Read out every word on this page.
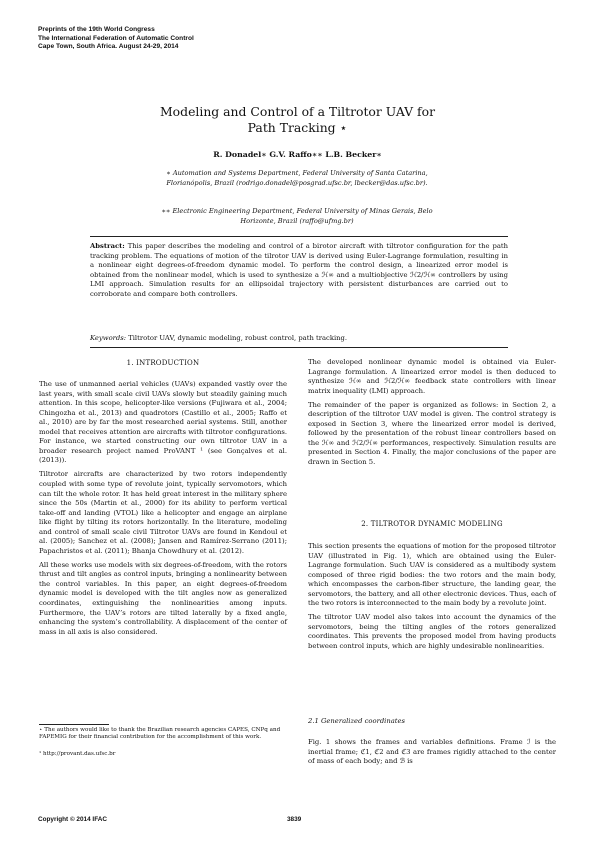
Preprints of the 19th World Congress
The International Federation of Automatic Control
Cape Town, South Africa. August 24-29, 2014
Modeling and Control of a Tiltrotor UAV for
Path Tracking ⋆
R. Donadel∗ G.V. Raffo∗∗ L.B. Becker∗
∗ Automation and Systems Department, Federal University of Santa Catarina, Florianópolis, Brazil (rodrigo.donadel@posgrad.ufsc.br, lbecker@das.ufsc.br).
∗∗ Electronic Engineering Department, Federal University of Minas Gerais, Belo Horizonte, Brazil (raffo@ufmg.br)
Abstract: This paper describes the modeling and control of a birotor aircraft with tiltrotor configuration for the path tracking problem. The equations of motion of the tilrotor UAV is derived using Euler-Lagrange formulation, resulting in a nonlinear eight degrees-of-freedom dynamic model. To perform the control design, a linearized error model is obtained from the nonlinear model, which is used to synthesize a ℋ∞ and a multiobjective ℋ2/ℋ∞ controllers by using LMI approach. Simulation results for an ellipsoidal trajectory with persistent disturbances are carried out to corroborate and compare both controllers.
Keywords: Tiltrotor UAV, dynamic modeling, robust control, path tracking.
1. INTRODUCTION

The use of unmanned aerial vehicles (UAVs) expanded vastly over the last years, with small scale civil UAVs slowly but steadily gaining much attention. In this scope, helicopter-like versions (Fujiwara et al., 2004; Chingozha et al., 2013) and quadrotors (Castillo et al., 2005; Raffo et al., 2010) are by far the most researched aerial systems. Still, another model that receives attention are aircrafts with tiltrotor configurations. For instance, we started constructing our own tiltrotor UAV in a broader research project named ProVANT ¹ (see Gonçalves et al. (2013)).

Tiltrotor aircrafts are characterized by two rotors independently coupled with some type of revolute joint, typically servomotors, which can tilt the whole rotor. It has held great interest in the military sphere since the 50s (Martin et al., 2000) for its ability to perform vertical take-off and landing (VTOL) like a helicopter and engage an airplane like flight by tilting its rotors horizontally. In the literature, modeling and control of small scale civil Tiltrotor UAVs are found in Kendoul et al. (2005); Sanchez et al. (2008); Jansen and Ramírez-Serrano (2011); Papachristos et al. (2011); Bhanja Chowdhury et al. (2012).

All these works use models with six degrees-of-freedom, with the rotors thrust and tilt angles as control inputs, bringing a nonlinearity between the control variables. In this paper, an eight degrees-of-freedom dynamic model is developed with the tilt angles now as generalized coordinates, extinguishing the nonlinearities among inputs. Furthermore, the UAV’s rotors are tilted laterally by a fixed angle, enhancing the system’s controllability. A displacement of the center of mass in all axis is also considered.

⋆ The authors would like to thank the Brazilian research agencies CAPES, CNPq and FAPEMIG for their financial contribution for the accomplishment of this work.
¹ http://provant.das.ufsc.br

The developed nonlinear dynamic model is obtained via Euler-Lagrange formulation. A linearized error model is then deduced to synthesize ℋ∞ and ℋ2/ℋ∞ feedback state controllers with linear matrix inequality (LMI) approach.

The remainder of the paper is organized as follows: in Section 2, a description of the tiltrotor UAV model is given. The control strategy is exposed in Section 3, where the linearized error model is derived, followed by the presentation of the robust linear controllers based on the ℋ∞ and ℋ2/ℋ∞ performances, respectively. Simulation results are presented in Section 4. Finally, the major conclusions of the paper are drawn in Section 5.

2. TILTROTOR DYNAMIC MODELING

This section presents the equations of motion for the proposed tiltrotor UAV (illustrated in Fig. 1), which are obtained using the Euler-Lagrange formulation. Such UAV is considered as a multibody system composed of three rigid bodies: the two rotors and the main body, which encompasses the carbon-fiber structure, the landing gear, the servomotors, the battery, and all other electronic devices. Thus, each of the two rotors is interconnected to the main body by a revolute joint.

The tiltrotor UAV model also takes into account the dynamics of the servomotors, being the tilting angles of the rotors generalized coordinates. This prevents the proposed model from having products between control inputs, which are highly undesirable nonlinearities.

2.1 Generalized coordinates

Fig. 1 shows the frames and variables definitions. Frame ℐ is the inertial frame; ℭ1, ℭ2 and ℭ3 are frames rigidly attached to the center of mass of each body; and ℬ is

Copyright © 2014 IFAC	3839
